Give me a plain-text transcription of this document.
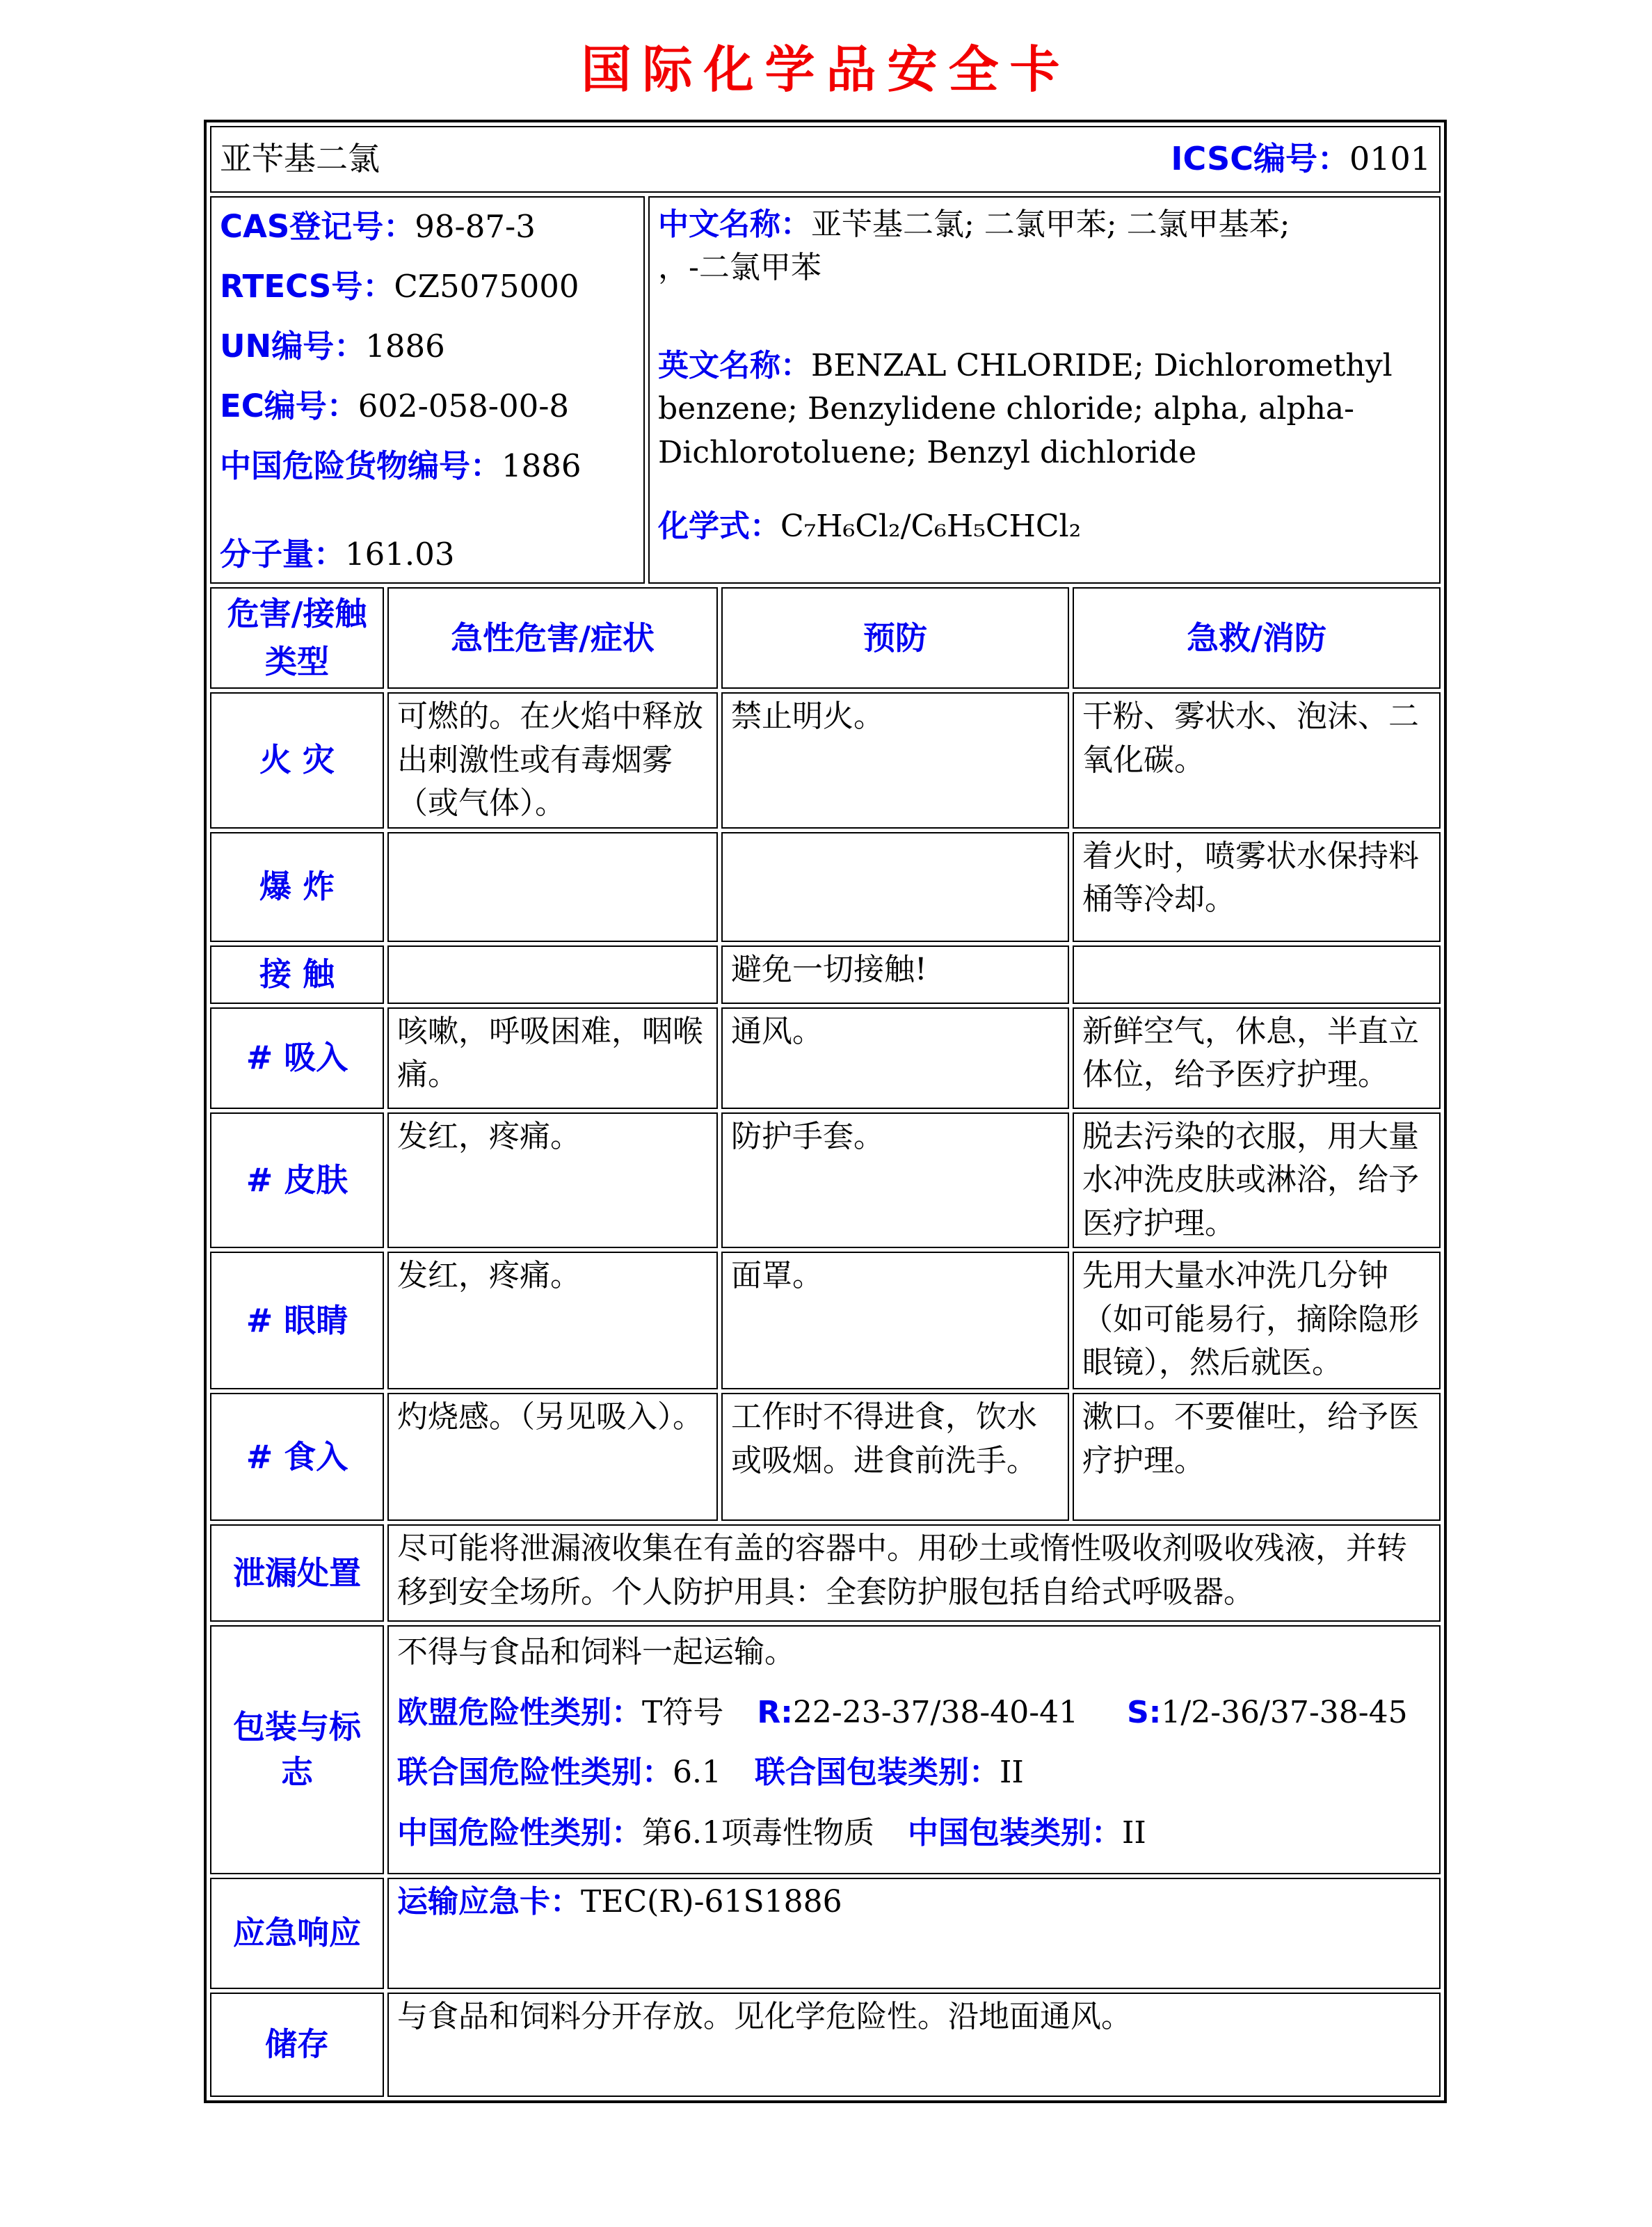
国际化学品安全卡
亚苄基二氯 ICSC编号：0101				

CAS登记号：98-87-3
RTECS号：CZ5075000
UN编号：1886
EC编号：602-058-00-8
中国危险货物编号：1886
分子量：161.03

中文名称：亚苄基二氯; 二氯甲苯; 二氯甲基苯;
，-二氯甲苯
英文名称：BENZAL CHLORIDE; Dichloromethyl benzene; Benzylidene chloride; alpha, alpha-Dichlorotoluene; Benzyl dichloride
化学式：C₇H₆Cl₂/C₆H₅CHCl₂

危害/接触类型	急性危害/症状		预防	急救/消防
火 灾	可燃的。在火焰中释放出刺激性或有毒烟雾（或气体）。		禁止明火。	干粉、雾状水、泡沫、二氧化碳。
爆 炸				着火时，喷雾状水保持料桶等冷却。
接 触			避免一切接触!	
# 吸入	咳嗽，呼吸困难，咽喉痛。		通风。	新鲜空气，休息，半直立体位，给予医疗护理。
# 皮肤	发红，疼痛。		防护手套。	脱去污染的衣服，用大量水冲洗皮肤或淋浴，给予医疗护理。
# 眼睛	发红，疼痛。		面罩。	先用大量水冲洗几分钟（如可能易行，摘除隐形眼镜），然后就医。
# 食入	灼烧感。（另见吸入）。		工作时不得进食，饮水或吸烟。进食前洗手。	漱口。不要催吐，给予医疗护理。
泄漏处置	尽可能将泄漏液收集在有盖的容器中。用砂土或惰性吸收剂吸收残液，并转移到安全场所。个人防护用具：全套防护服包括自给式呼吸器。			
包装与标志	不得与食品和饲料一起运输。
欧盟危险性类别：T符号 R:22-23-37/38-40-41 S:1/2-36/37-38-45
联合国危险性类别：6.1 联合国包装类别：II
中国危险性类别：第6.1项毒性物质 中国包装类别：II			

应急响应	运输应急卡：TEC(R)-61S1886			
储存	与食品和饲料分开存放。见化学危险性。沿地面通风。			
